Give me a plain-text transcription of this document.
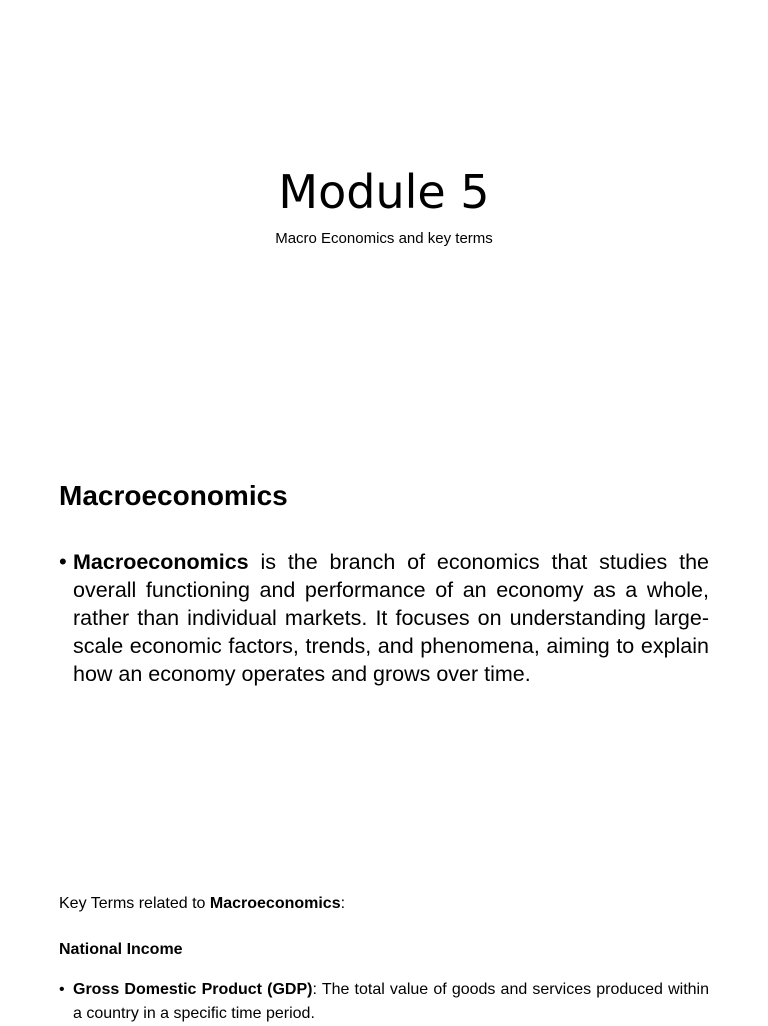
Module 5

Macro Economics and key terms

Macroeconomics
• Macroeconomics is the branch of economics that studies the overall functioning and performance of an economy as a whole, rather than individual markets. It focuses on understanding large-scale economic factors, trends, and phenomena, aiming to explain how an economy operates and grows over time.
Key Terms related to Macroeconomics:
National Income
• Gross Domestic Product (GDP): The total value of goods and services produced within a country in a specific time period.
